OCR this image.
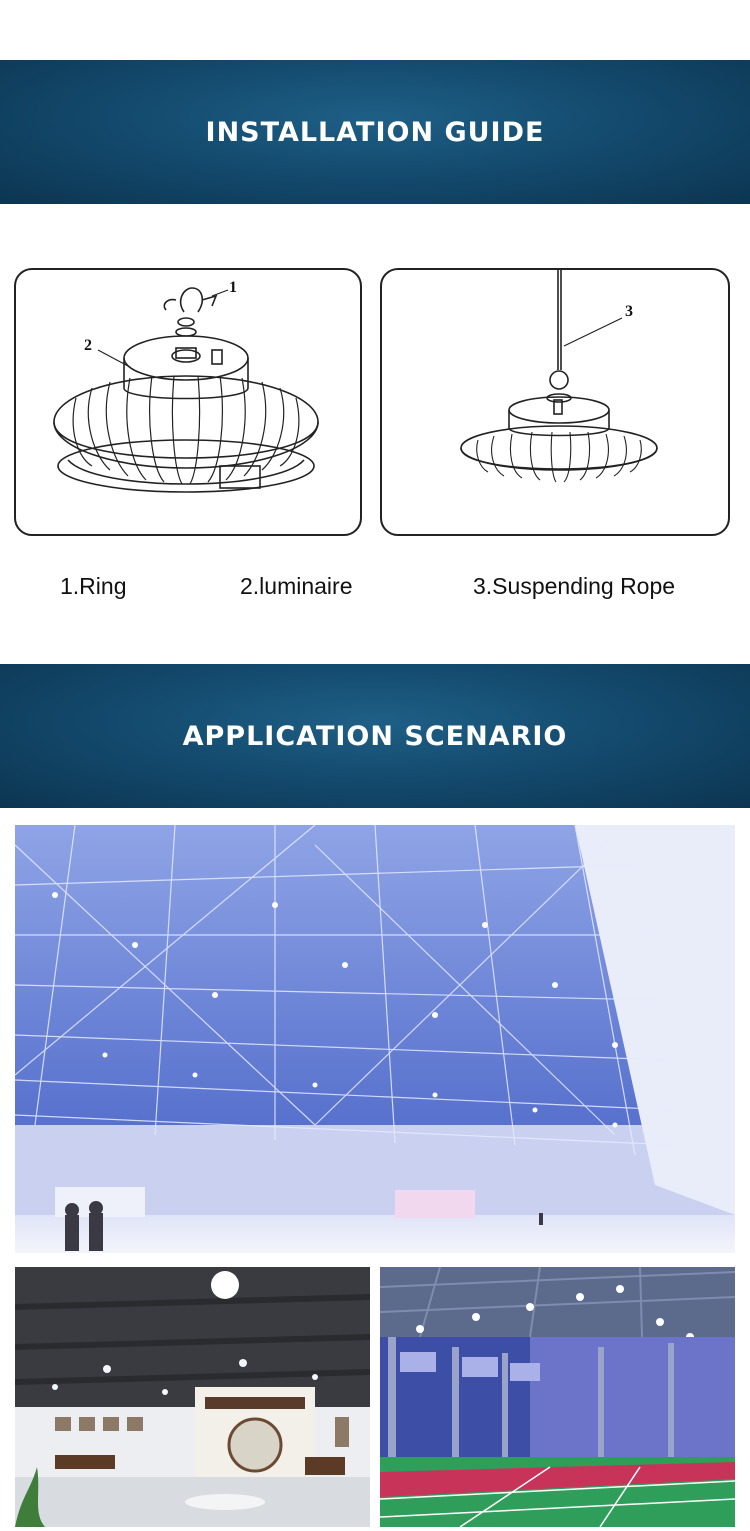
INSTALLATION GUIDE
2
1
3
1.Ring	2.luminaire	3.Suspending Rope
APPLICATION SCENARIO
